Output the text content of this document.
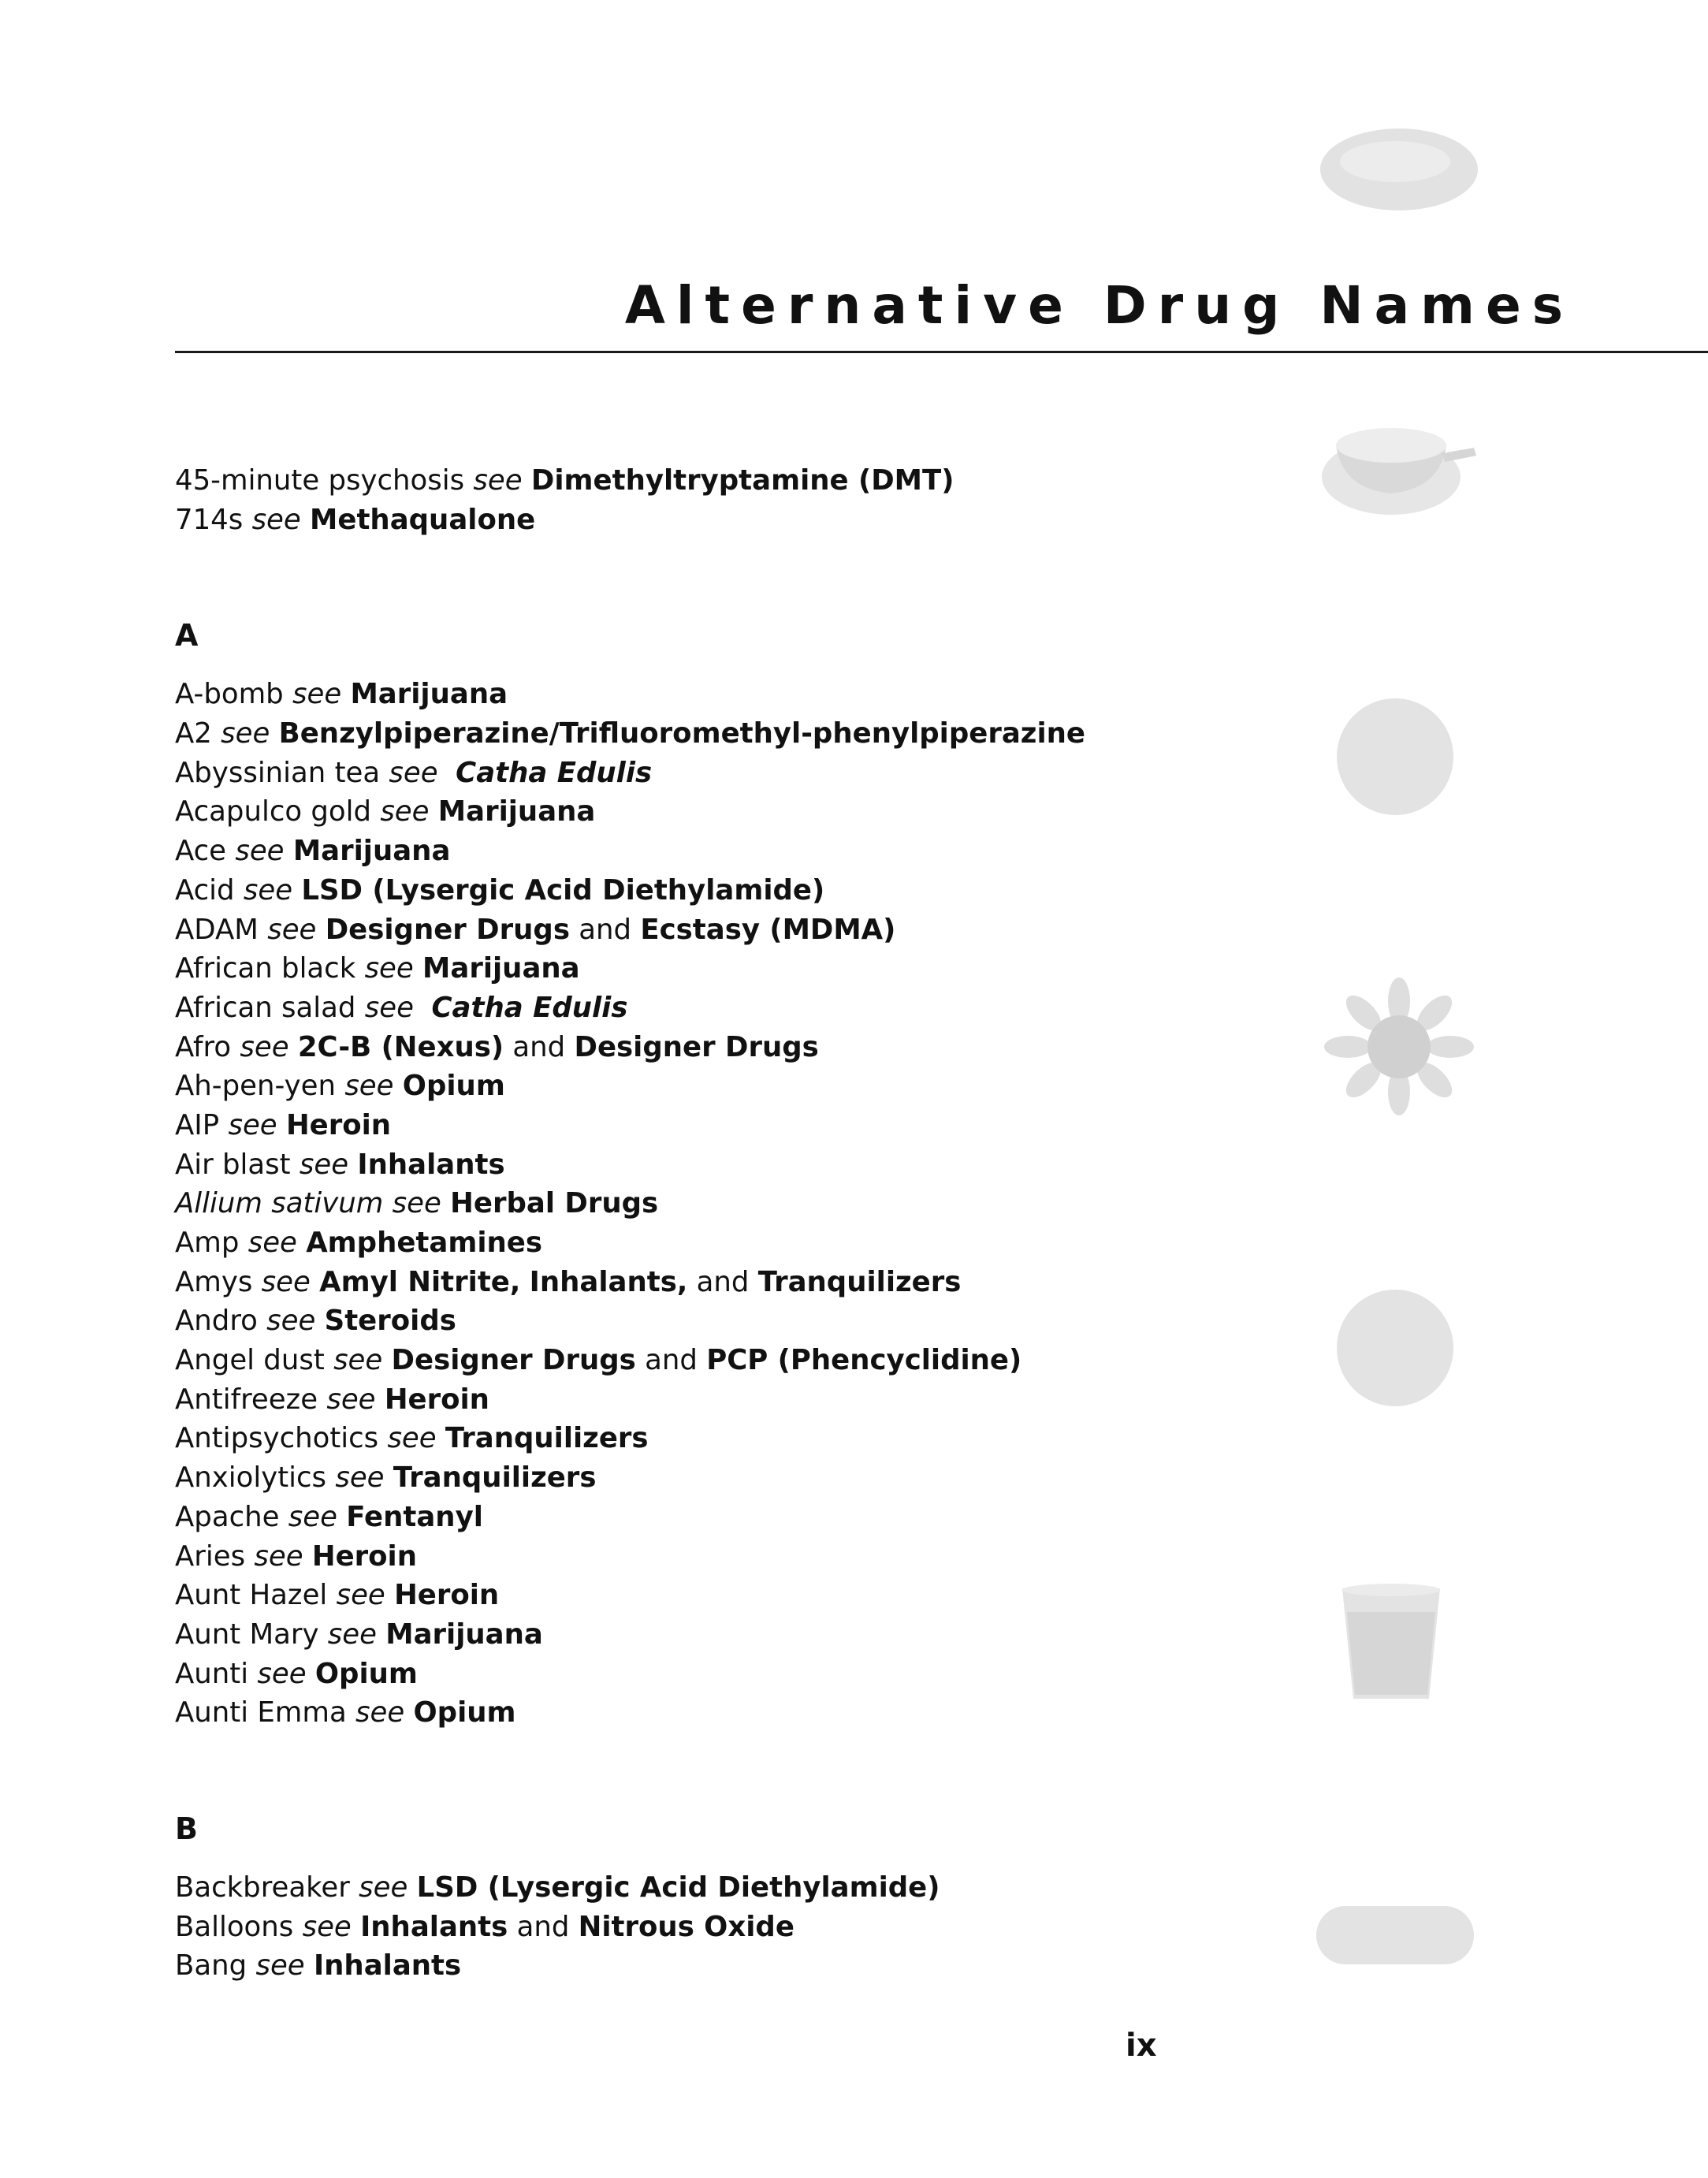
Alternative Drug Names
45-minute psychosis see Dimethyltryptamine (DMT)
714s see Methaqualone
A
A-bomb see Marijuana
A2 see Benzylpiperazine/Trifluoromethyl-phenylpiperazine
Abyssinian tea see Catha Edulis
Acapulco gold see Marijuana
Ace see Marijuana
Acid see LSD (Lysergic Acid Diethylamide)
ADAM see Designer Drugs and Ecstasy (MDMA)
African black see Marijuana
African salad see Catha Edulis
Afro see 2C-B (Nexus) and Designer Drugs
Ah-pen-yen see Opium
AIP see Heroin
Air blast see Inhalants
Allium sativum see Herbal Drugs
Amp see Amphetamines
Amys see Amyl Nitrite, Inhalants, and Tranquilizers
Andro see Steroids
Angel dust see Designer Drugs and PCP (Phencyclidine)
Antifreeze see Heroin
Antipsychotics see Tranquilizers
Anxiolytics see Tranquilizers
Apache see Fentanyl
Aries see Heroin
Aunt Hazel see Heroin
Aunt Mary see Marijuana
Aunti see Opium
Aunti Emma see Opium
B
Backbreaker see LSD (Lysergic Acid Diethylamide)
Balloons see Inhalants and Nitrous Oxide
Bang see Inhalants
ix
